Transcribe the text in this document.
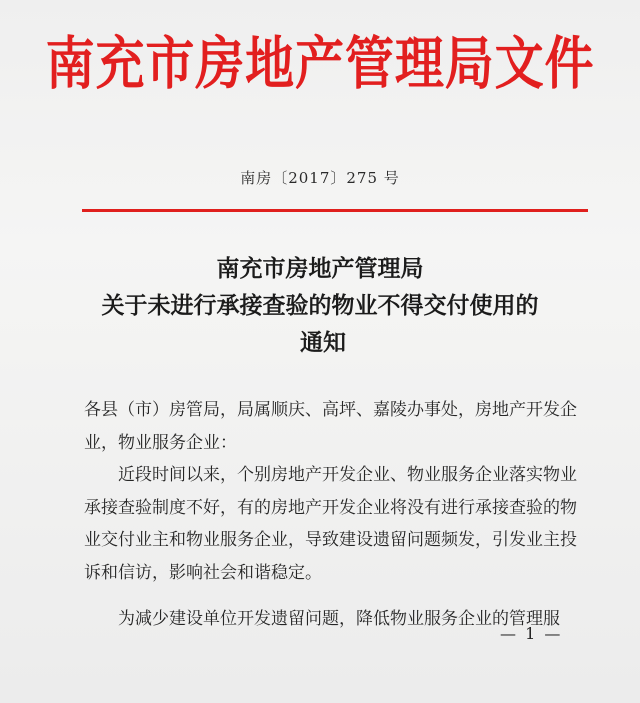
南充市房地产管理局文件
南房〔2017〕275 号
南充市房地产管理局
关于未进行承接查验的物业不得交付使用的

通知

各县（市）房管局，局属顺庆、高坪、嘉陵办事处，房地产开发企业，物业服务企业：

近段时间以来，个别房地产开发企业、物业服务企业落实物业承接查验制度不好，有的房地产开发企业将没有进行承接查验的物业交付业主和物业服务企业，导致建设遗留问题频发，引发业主投诉和信访，影响社会和谐稳定。

为减少建设单位开发遗留问题，降低物业服务企业的管理服

— 1 —
